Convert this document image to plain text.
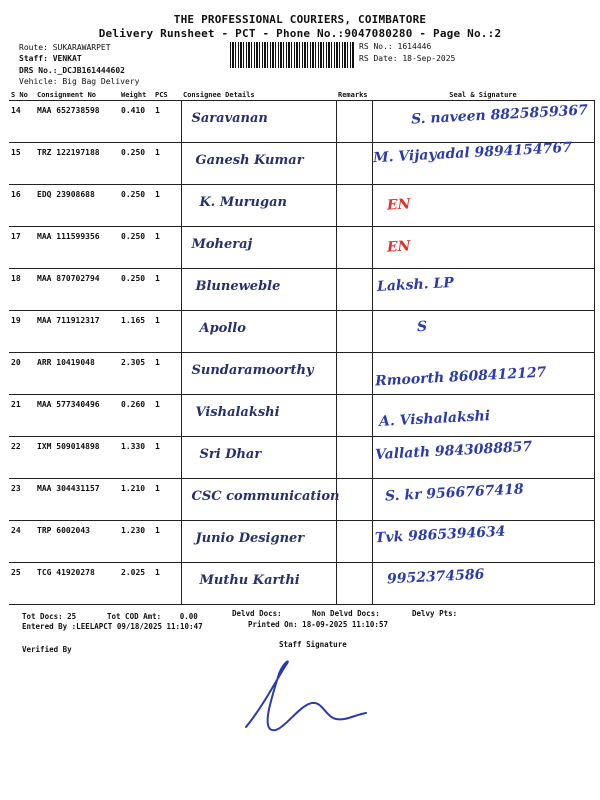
THE PROFESSIONAL COURIERS, COIMBATORE
Delivery Runsheet - PCT - Phone No.:9047080280 - Page No.:2
Route: SUKARAWARPET
Staff: VENKAT
DRS No.:_DCJB161444602
Vehicle: Big Bag Delivery
RS No.: 1614446
RS Date: 18-Sep-2025
S No	Consignment No	Weight	PCS	Consignee Details	Remarks	Seal & Signature
14	MAA 652738598	0.410	1	Saravanan		S. naveen 8825859367

15	TRZ 122197188	0.250	1	Ganesh Kumar		M. Vijayadal 9894154767

16	EDQ 23908688	0.250	1	K. Murugan		EN

17	MAA 111599356	0.250	1	Moheraj		EN

18	MAA 870702794	0.250	1	Bluneweble		Laksh. LP

19	MAA 711912317	1.165	1	Apollo		S

20	ARR 10419048	2.305	1	Sundaramoorthy		Rmoorth 8608412127

21	MAA 577340496	0.260	1	Vishalakshi		A. Vishalakshi

22	IXM 509014898	1.330	1	Sri Dhar		Vallath 9843088857

23	MAA 304431157	1.210	1	CSC communication		S. kr 9566767418

24	TRP 6002043	1.230	1	Junio Designer		Tvk 9865394634

25	TCG 41920278	2.025	1	Muthu Karthi		9952374586
Tot Docs: 25	Tot COD Amt: 0.00	Delvd Docs:	Non Delvd Docs:	Delvy Pts:
Entered By :LEELAPCT 09/18/2025 11:10:47	Printed On: 18-09-2025 11:10:57
Verified By
Staff Signature
